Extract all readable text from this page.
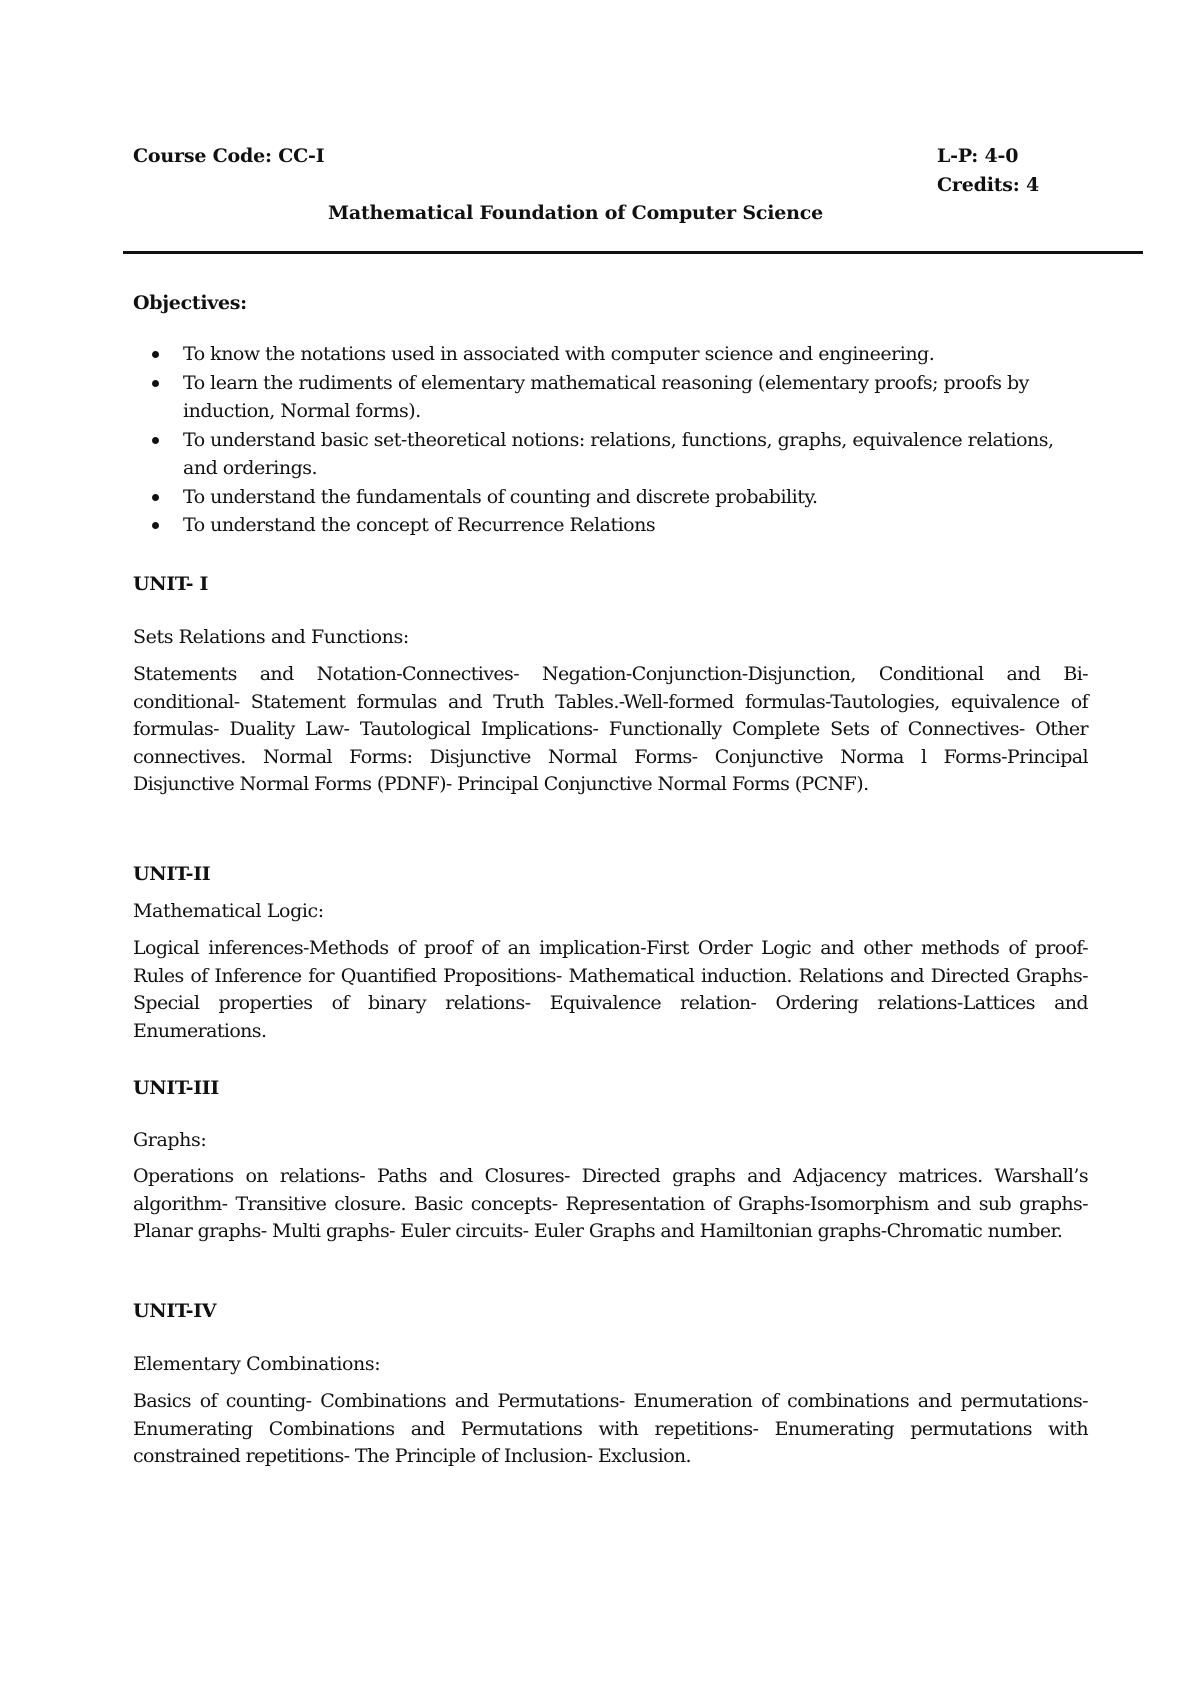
Course Code: CC-I	L-P: 4-0
Credits: 4
Mathematical Foundation of Computer Science
Objectives:
To know the notations used in associated with computer science and engineering.
To learn the rudiments of elementary mathematical reasoning (elementary proofs; proofs by induction, Normal forms).
To understand basic set-theoretical notions: relations, functions, graphs, equivalence relations, and orderings.
To understand the fundamentals of counting and discrete probability.
To understand the concept of Recurrence Relations
UNIT- I
Sets Relations and Functions:

Statements and Notation-Connectives- Negation-Conjunction-Disjunction, Conditional and Bi-conditional- Statement formulas and Truth Tables.-Well-formed formulas-Tautologies, equivalence of formulas- Duality Law- Tautological Implications- Functionally Complete Sets of Connectives- Other connectives. Normal Forms: Disjunctive Normal Forms- Conjunctive Norma l Forms-Principal Disjunctive Normal Forms (PDNF)- Principal Conjunctive Normal Forms (PCNF).

UNIT-II
Mathematical Logic:

Logical inferences-Methods of proof of an implication-First Order Logic and other methods of proof-Rules of Inference for Quantified Propositions- Mathematical induction. Relations and Directed Graphs- Special properties of binary relations- Equivalence relation- Ordering relations-Lattices and Enumerations.

UNIT-III
Graphs:

Operations on relations- Paths and Closures- Directed graphs and Adjacency matrices. Warshall’s algorithm- Transitive closure. Basic concepts- Representation of Graphs-Isomorphism and sub graphs-Planar graphs- Multi graphs- Euler circuits- Euler Graphs and Hamiltonian graphs-Chromatic number.

UNIT-IV
Elementary Combinations:

Basics of counting- Combinations and Permutations- Enumeration of combinations and permutations- Enumerating Combinations and Permutations with repetitions- Enumerating permutations with constrained repetitions- The Principle of Inclusion- Exclusion.
